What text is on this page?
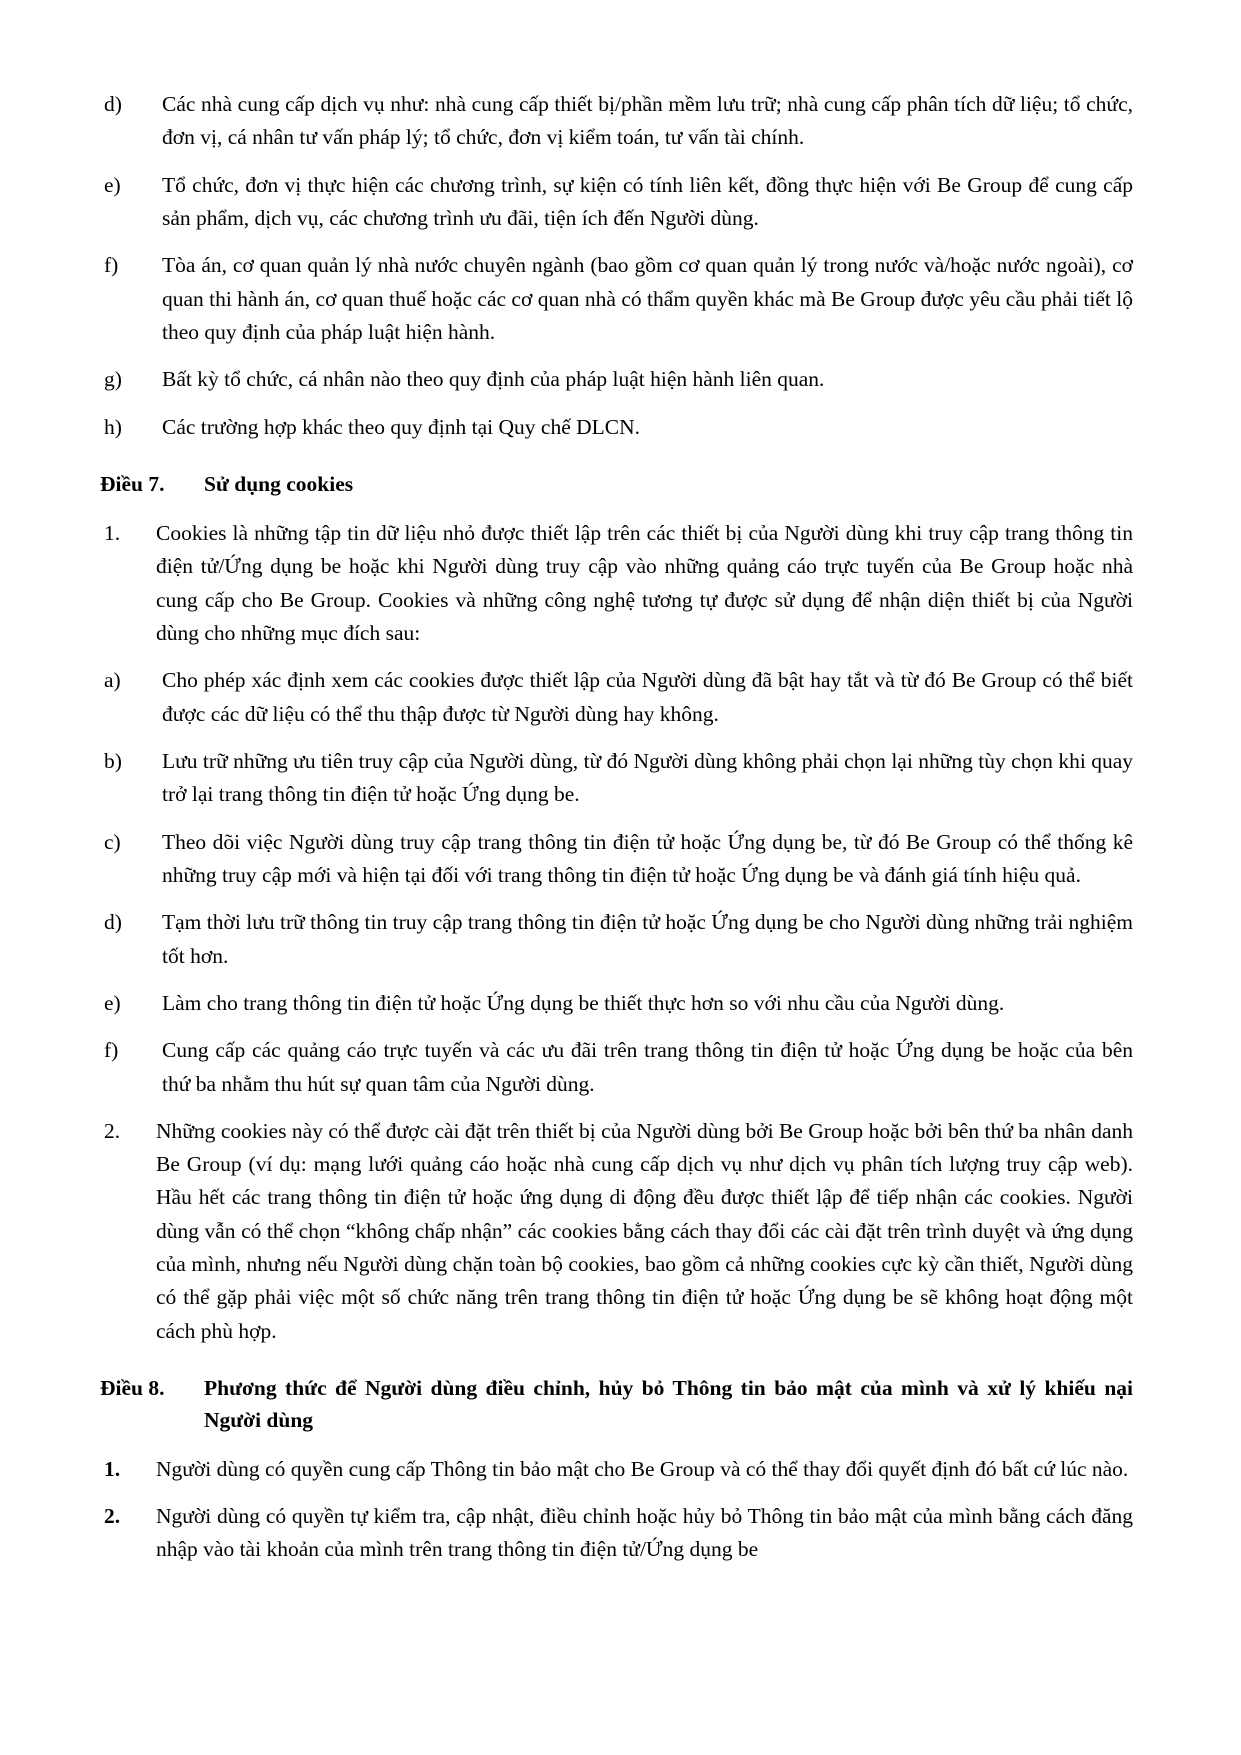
d)	Các nhà cung cấp dịch vụ như: nhà cung cấp thiết bị/phần mềm lưu trữ; nhà cung cấp phân tích dữ liệu; tổ chức, đơn vị, cá nhân tư vấn pháp lý; tổ chức, đơn vị kiểm toán, tư vấn tài chính.
e)	Tổ chức, đơn vị thực hiện các chương trình, sự kiện có tính liên kết, đồng thực hiện với Be Group để cung cấp sản phẩm, dịch vụ, các chương trình ưu đãi, tiện ích đến Người dùng.
f)	Tòa án, cơ quan quản lý nhà nước chuyên ngành (bao gồm cơ quan quản lý trong nước và/hoặc nước ngoài), cơ quan thi hành án, cơ quan thuế hoặc các cơ quan nhà có thẩm quyền khác mà Be Group được yêu cầu phải tiết lộ theo quy định của pháp luật hiện hành.
g)	Bất kỳ tổ chức, cá nhân nào theo quy định của pháp luật hiện hành liên quan.
h)	Các trường hợp khác theo quy định tại Quy chế DLCN.
Điều 7.	Sử dụng cookies
1.	Cookies là những tập tin dữ liệu nhỏ được thiết lập trên các thiết bị của Người dùng khi truy cập trang thông tin điện tử/Ứng dụng be hoặc khi Người dùng truy cập vào những quảng cáo trực tuyến của Be Group hoặc nhà cung cấp cho Be Group. Cookies và những công nghệ tương tự được sử dụng để nhận diện thiết bị của Người dùng cho những mục đích sau:
a)	Cho phép xác định xem các cookies được thiết lập của Người dùng đã bật hay tắt và từ đó Be Group có thể biết được các dữ liệu có thể thu thập được từ Người dùng hay không.
b)	Lưu trữ những ưu tiên truy cập của Người dùng, từ đó Người dùng không phải chọn lại những tùy chọn khi quay trở lại trang thông tin điện tử hoặc Ứng dụng be.
c)	Theo dõi việc Người dùng truy cập trang thông tin điện tử hoặc Ứng dụng be, từ đó Be Group có thể thống kê những truy cập mới và hiện tại đối với trang thông tin điện tử hoặc Ứng dụng be và đánh giá tính hiệu quả.
d)	Tạm thời lưu trữ thông tin truy cập trang thông tin điện tử hoặc Ứng dụng be cho Người dùng những trải nghiệm tốt hơn.
e)	Làm cho trang thông tin điện tử hoặc Ứng dụng be thiết thực hơn so với nhu cầu của Người dùng.
f)	Cung cấp các quảng cáo trực tuyến và các ưu đãi trên trang thông tin điện tử hoặc Ứng dụng be hoặc của bên thứ ba nhằm thu hút sự quan tâm của Người dùng.
2.	Những cookies này có thể được cài đặt trên thiết bị của Người dùng bởi Be Group hoặc bởi bên thứ ba nhân danh Be Group (ví dụ: mạng lưới quảng cáo hoặc nhà cung cấp dịch vụ như dịch vụ phân tích lượng truy cập web). Hầu hết các trang thông tin điện tử hoặc ứng dụng di động đều được thiết lập để tiếp nhận các cookies. Người dùng vẫn có thể chọn “không chấp nhận” các cookies bằng cách thay đổi các cài đặt trên trình duyệt và ứng dụng của mình, nhưng nếu Người dùng chặn toàn bộ cookies, bao gồm cả những cookies cực kỳ cần thiết, Người dùng có thể gặp phải việc một số chức năng trên trang thông tin điện tử hoặc Ứng dụng be sẽ không hoạt động một cách phù hợp.
Điều 8.	Phương thức để Người dùng điều chỉnh, hủy bỏ Thông tin bảo mật của mình và xử lý khiếu nại Người dùng
1.	Người dùng có quyền cung cấp Thông tin bảo mật cho Be Group và có thể thay đổi quyết định đó bất cứ lúc nào.
2.	Người dùng có quyền tự kiểm tra, cập nhật, điều chỉnh hoặc hủy bỏ Thông tin bảo mật của mình bằng cách đăng nhập vào tài khoản của mình trên trang thông tin điện tử/Ứng dụng be
